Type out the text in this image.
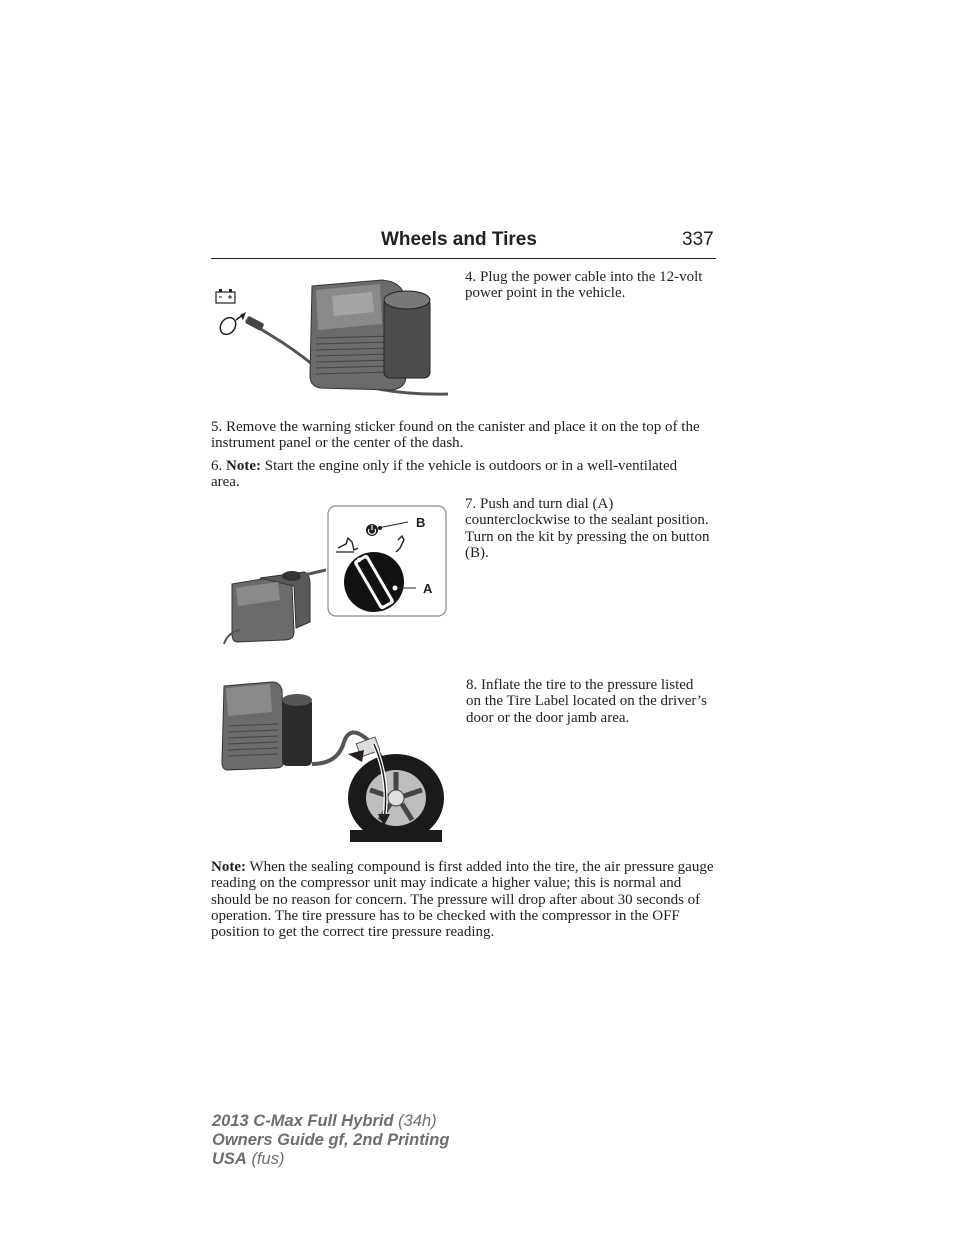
Wheels and Tires	337
4. Plug the power cable into the 12-volt power point in the vehicle.
5. Remove the warning sticker found on the canister and place it on the top of the instrument panel or the center of the dash.
6. Note: Start the engine only if the vehicle is outdoors or in a well-ventilated area.
B
A
7. Push and turn dial (A) counterclockwise to the sealant position. Turn on the kit by pressing the on button (B).
8. Inflate the tire to the pressure listed on the Tire Label located on the driver’s door or the door jamb area.
Note: When the sealing compound is first added into the tire, the air pressure gauge reading on the compressor unit may indicate a higher value; this is normal and should be no reason for concern. The pressure will drop after about 30 seconds of operation. The tire pressure has to be checked with the compressor in the OFF position to get the correct tire pressure reading.
2013 C-Max Full Hybrid (34h)
Owners Guide gf, 2nd Printing
USA (fus)
